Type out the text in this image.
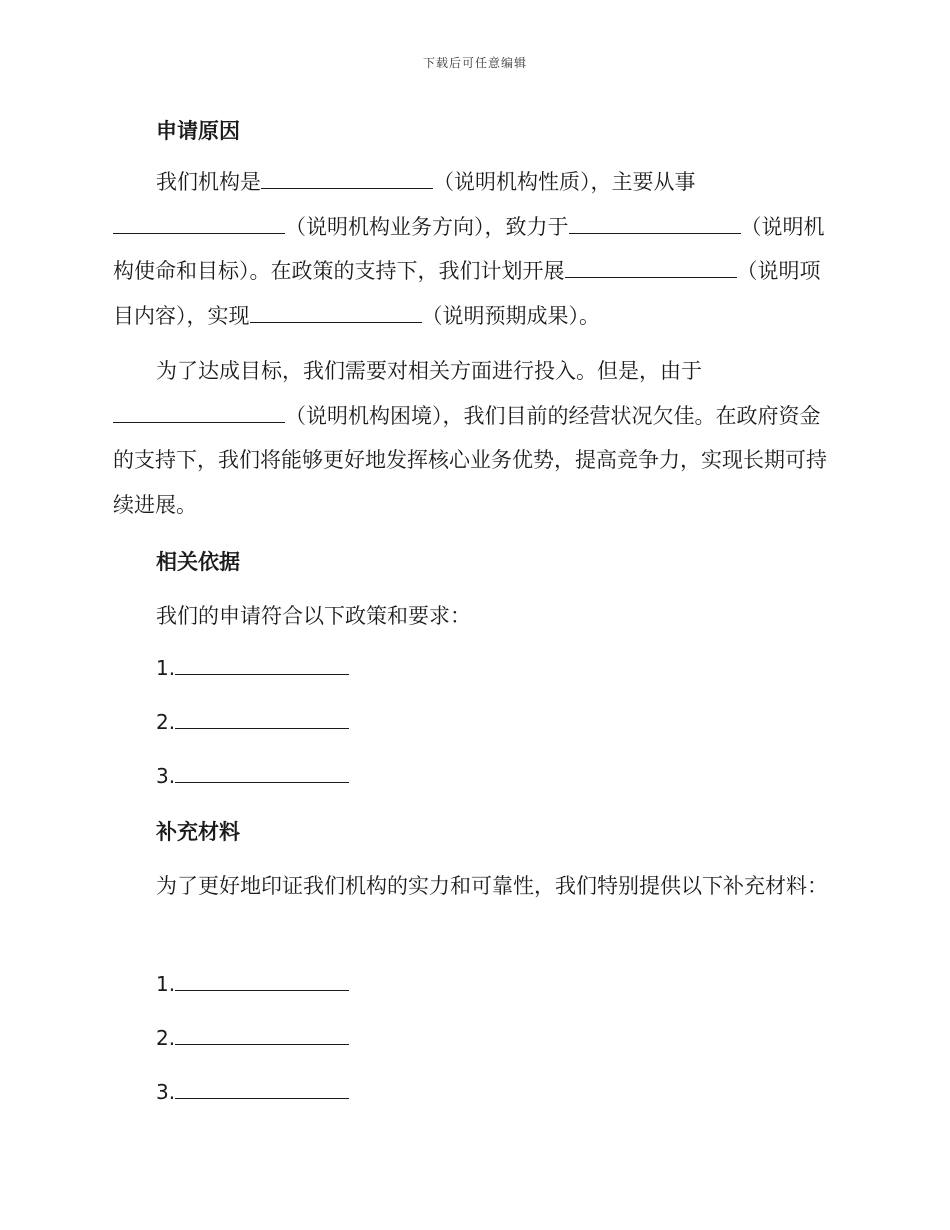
下载后可任意编辑
申请原因
我们机构是	（说明机构性质），主要从事（说明机构业务方向），致力于	（说明机构使命和目标）。在政策的支持下，我们计划开展	（说明项目内容），实现	（说明预期成果）。
为了达成目标，我们需要对相关方面进行投入。但是，由于（说明机构困境），我们目前的经营状况欠佳。在政府资金的支持下，我们将能够更好地发挥核心业务优势，提高竞争力，实现长期可持续进展。
相关依据
我们的申请符合以下政策和要求：
1.
2.
3.
补充材料
为了更好地印证我们机构的实力和可靠性，我们特别提供以下补充材料：
1.
2.
3.
